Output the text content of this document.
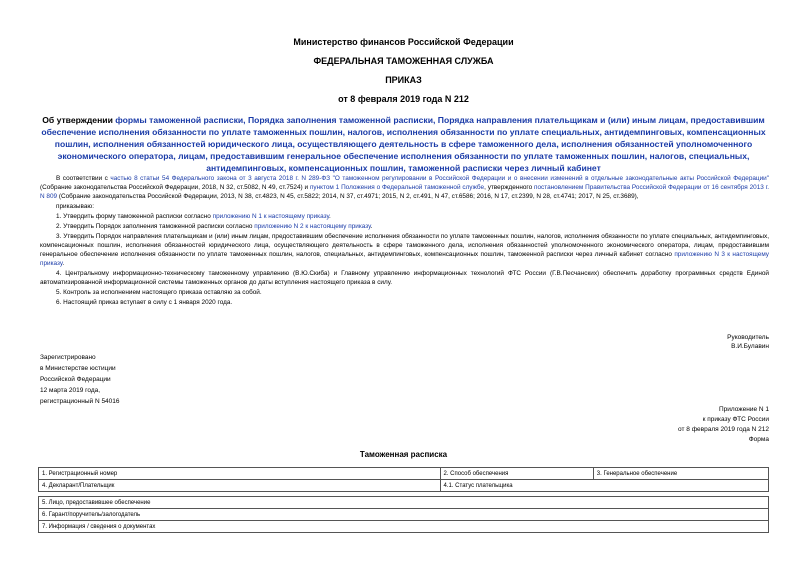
Министерство финансов Российской Федерации
ФЕДЕРАЛЬНАЯ ТАМОЖЕННАЯ СЛУЖБА
ПРИКАЗ
от 8 февраля 2019 года N 212
Об утверждении формы таможенной расписки, Порядка заполнения таможенной расписки, Порядка направления плательщикам и (или) иным лицам, предоставившим обеспечение исполнения обязанности по уплате таможенных пошлин, налогов, исполнения обязанности по уплате специальных, антидемпинговых, компенсационных пошлин, исполнения обязанностей юридического лица, осуществляющего деятельность в сфере таможенного дела, исполнения обязанностей уполномоченного экономического оператора, лицам, предоставившим генеральное обеспечение исполнения обязанности по уплате таможенных пошлин, налогов, специальных, антидемпинговых, компенсационных пошлин, таможенной расписки через личный кабинет

В соответствии с частью 8 статьи 54 Федерального закона от 3 августа 2018 г. N 289-ФЗ "О таможенном регулировании в Российской Федерации и о внесении изменений в отдельные законодательные акты Российской Федерации" (Собрание законодательства Российской Федерации, 2018, N 32, ст.5082, N 49, ст.7524) и пунктом 1 Положения о Федеральной таможенной службе, утвержденного постановлением Правительства Российской Федерации от 16 сентября 2013 г. N 809 (Собрание законодательства Российской Федерации, 2013, N 38, ст.4823, N 45, ст.5822; 2014, N 37, ст.4971; 2015, N 2, ст.491, N 47, ст.6586; 2016, N 17, ст.2399, N 28, ст.4741; 2017, N 25, ст.3689),

приказываю:

1. Утвердить форму таможенной расписки согласно приложению N 1 к настоящему приказу.

2. Утвердить Порядок заполнения таможенной расписки согласно приложению N 2 к настоящему приказу.

3. Утвердить Порядок направления плательщикам и (или) иным лицам, предоставившим обеспечение исполнения обязанности по уплате таможенных пошлин, налогов, исполнения обязанности по уплате специальных, антидемпинговых, компенсационных пошлин, исполнения обязанностей юридического лица, осуществляющего деятельность в сфере таможенного дела, исполнения обязанностей уполномоченного экономического оператора, лицам, предоставившим генеральное обеспечение исполнения обязанности по уплате таможенных пошлин, налогов, специальных, антидемпинговых, компенсационных пошлин, таможенной расписки через личный кабинет согласно приложению N 3 к настоящему приказу.

4. Центральному информационно-техническому таможенному управлению (В.Ю.Скиба) и Главному управлению информационных технологий ФТС России (Г.В.Песчанских) обеспечить доработку программных средств Единой автоматизированной информационной системы таможенных органов до даты вступления настоящего приказа в силу.

5. Контроль за исполнением настоящего приказа оставляю за собой.

6. Настоящий приказ вступает в силу с 1 января 2020 года.

Руководитель
В.И.Булавин
Зарегистрировано
в Министерстве юстиции
Российской Федерации
12 марта 2019 года,
регистрационный N 54016
Приложение N 1
к приказу ФТС России
от 8 февраля 2019 года N 212
Форма
Таможенная расписка
1. Регистрационный номер	2. Способ обеспечения	3. Генеральное обеспечение
4. Декларант/Плательщик	4.1. Статус плательщика	

5. Лицо, предоставившее обеспечение		
6. Гарант/поручитель/залогодатель		
7. Информация / сведения о документах		
